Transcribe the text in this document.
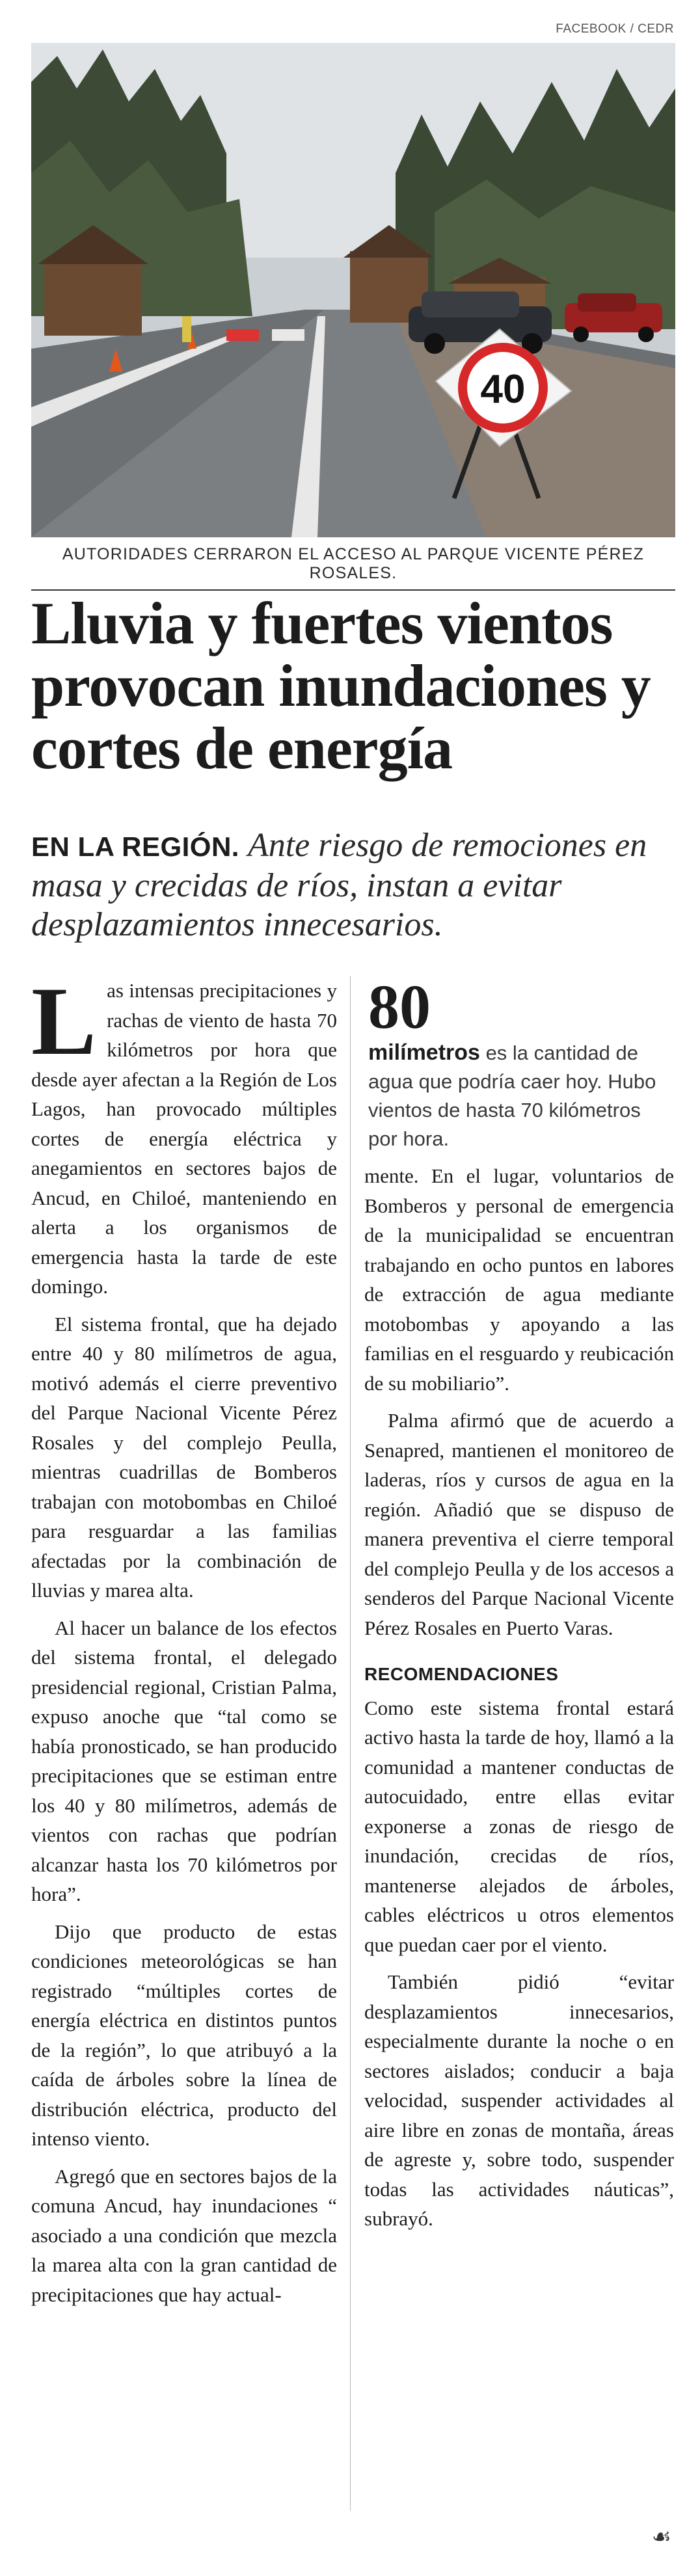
FACEBOOK / CEDR
40
AUTORIDADES CERRARON EL ACCESO AL PARQUE VICENTE PÉREZ ROSALES.
Lluvia y fuertes vientos provocan inundaciones y cortes de energía
EN LA REGIÓN. Ante riesgo de remociones en masa y crecidas de ríos, instan a evitar desplazamientos innecesarios.

Las intensas precipitaciones y rachas de viento de hasta 70 kilómetros por hora que desde ayer afectan a la Región de Los Lagos, han provocado múltiples cortes de energía eléctrica y anegamientos en sectores bajos de Ancud, en Chiloé, manteniendo en alerta a los organismos de emergencia hasta la tarde de este domingo.

El sistema frontal, que ha dejado entre 40 y 80 milímetros de agua, motivó además el cierre preventivo del Parque Nacional Vicente Pérez Rosales y del complejo Peulla, mientras cuadrillas de Bomberos trabajan con motobombas en Chiloé para resguardar a las familias afectadas por la combinación de lluvias y marea alta.

Al hacer un balance de los efectos del sistema frontal, el delegado presidencial regional, Cristian Palma, expuso anoche que “tal como se había pronosticado, se han producido precipitaciones que se estiman entre los 40 y 80 milímetros, además de vientos con rachas que podrían alcanzar hasta los 70 kilómetros por hora”.

Dijo que producto de estas condiciones meteorológicas se han registrado “múltiples cortes de energía eléctrica en distintos puntos de la región”, lo que atribuyó a la caída de árboles sobre la línea de distribución eléctrica, producto del intenso viento.

Agregó que en sectores bajos de la comuna Ancud, hay inundaciones “ asociado a una condición que mezcla la marea alta con la gran cantidad de precipitaciones que hay actual-

80
milímetros es la cantidad de agua que podría caer hoy. Hubo vientos de hasta 70 kilómetros por hora.

mente. En el lugar, voluntarios de Bomberos y personal de emergencia de la municipalidad se encuentran trabajando en ocho puntos en labores de extracción de agua mediante motobombas y apoyando a las familias en el resguardo y reubicación de su mobiliario”.

Palma afirmó que de acuerdo a Senapred, mantienen el monitoreo de laderas, ríos y cursos de agua en la región. Añadió que se dispuso de manera preventiva el cierre temporal del complejo Peulla y de los accesos a senderos del Parque Nacional Vicente Pérez Rosales en Puerto Varas.

RECOMENDACIONES

Como este sistema frontal estará activo hasta la tarde de hoy, llamó a la comunidad a mantener conductas de autocuidado, entre ellas evitar exponerse a zonas de riesgo de inundación, crecidas de ríos, mantenerse alejados de árboles, cables eléctricos u otros elementos que puedan caer por el viento.

También pidió “evitar desplazamientos innecesarios, especialmente durante la noche o en sectores aislados; conducir a baja velocidad, suspender actividades al aire libre en zonas de montaña, áreas de agreste y, sobre todo, suspender todas las actividades náuticas”, subrayó.

☙
